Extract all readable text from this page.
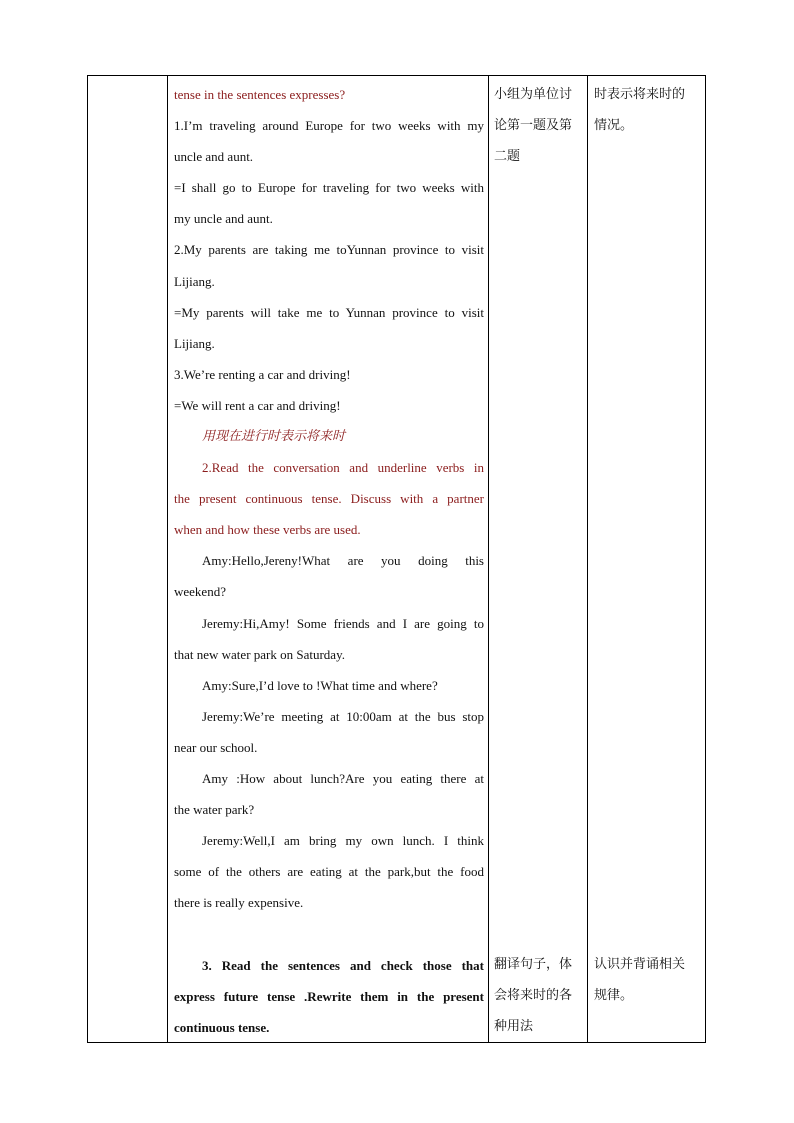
tense in the sentences expresses?
1.I’m traveling around Europe for two weeks with my
uncle and aunt.
=I shall go to Europe for traveling for two weeks with
my uncle and aunt.
2.My parents are taking me toYunnan province to visit
Lijiang.
=My parents will take me to Yunnan province to visit
Lijiang.
3.We’re renting a car and driving!
=We will rent a car and driving!
用现在进行时表示将来时
2.Read the conversation and underline verbs in
the present continuous tense. Discuss with a partner
when and how these verbs are used.
Amy:Hello,Jereny!What are you doing this
weekend?
Jeremy:Hi,Amy! Some friends and I are going to
that new water park on Saturday.
Amy:Sure,I’d love to !What time and where?
Jeremy:We’re meeting at 10:00am at the bus stop
near our school.
Amy :How about lunch?Are you eating there at
the water park?
Jeremy:Well,I am bring my own lunch. I think
some of the others are eating at the park,but the food
there is really expensive.
3. Read the sentences and check those that
express future tense .Rewrite them in the present
continuous tense.
小组为单位讨
论第一题及第
二题
翻译句子，体
会将来时的各
种用法
时表示将来时的
情况。
认识并背诵相关
规律。
